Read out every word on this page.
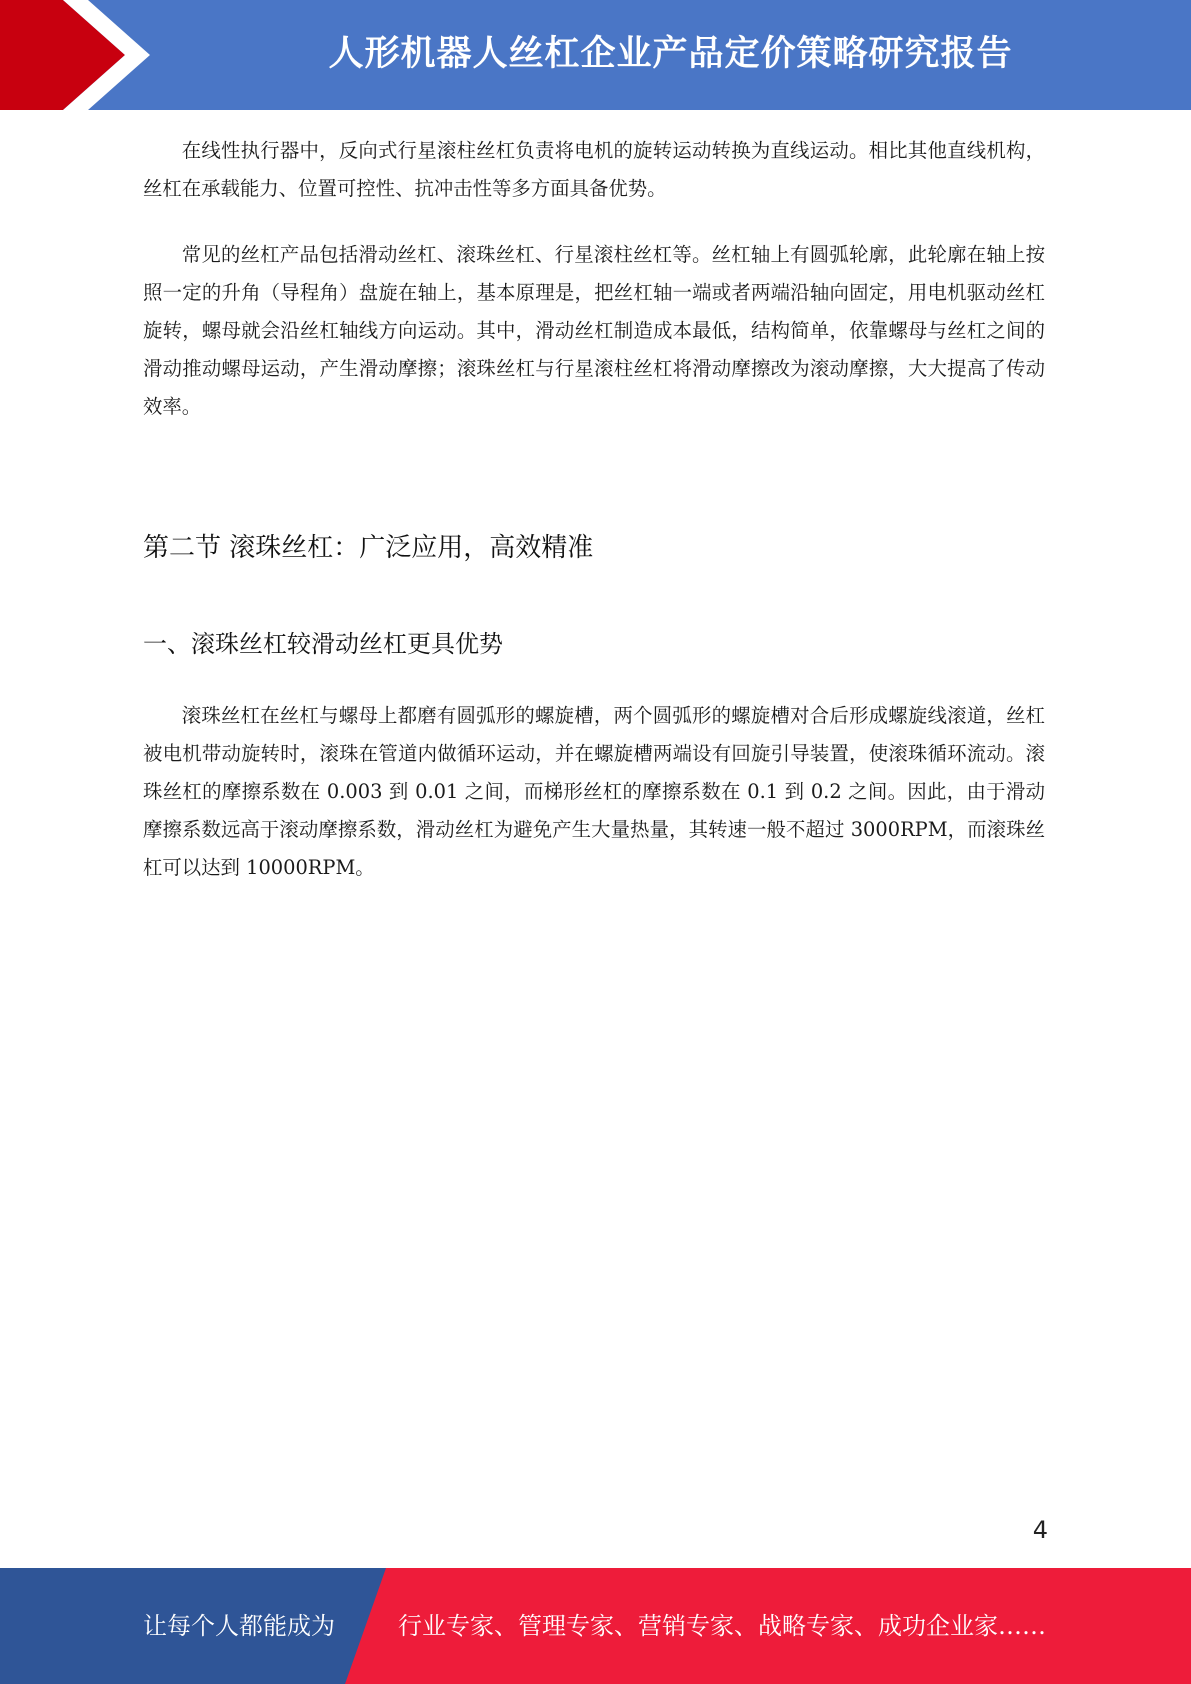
人形机器人丝杠企业产品定价策略研究报告

在线性执行器中，反向式行星滚柱丝杠负责将电机的旋转运动转换为直线运动。相比其他直线机构，丝杠在承载能力、位置可控性、抗冲击性等多方面具备优势。

常见的丝杠产品包括滑动丝杠、滚珠丝杠、行星滚柱丝杠等。丝杠轴上有圆弧轮廓，此轮廓在轴上按照一定的升角（导程角）盘旋在轴上，基本原理是，把丝杠轴一端或者两端沿轴向固定，用电机驱动丝杠旋转，螺母就会沿丝杠轴线方向运动。其中，滑动丝杠制造成本最低，结构简单，依靠螺母与丝杠之间的滑动推动螺母运动，产生滑动摩擦；滚珠丝杠与行星滚柱丝杠将滑动摩擦改为滚动摩擦，大大提高了传动效率。

第二节 滚珠丝杠：广泛应用，高效精准
一、滚珠丝杠较滑动丝杠更具优势

滚珠丝杠在丝杠与螺母上都磨有圆弧形的螺旋槽，两个圆弧形的螺旋槽对合后形成螺旋线滚道，丝杠被电机带动旋转时，滚珠在管道内做循环运动，并在螺旋槽两端设有回旋引导装置，使滚珠循环流动。滚珠丝杠的摩擦系数在 0.003 到 0.01 之间，而梯形丝杠的摩擦系数在 0.1 到 0.2 之间。因此，由于滑动摩擦系数远高于滚动摩擦系数，滑动丝杠为避免产生大量热量，其转速一般不超过 3000RPM，而滚珠丝杠可以达到 10000RPM。

4
让每个人都能成为	行业专家、管理专家、营销专家、战略专家、成功企业家……
